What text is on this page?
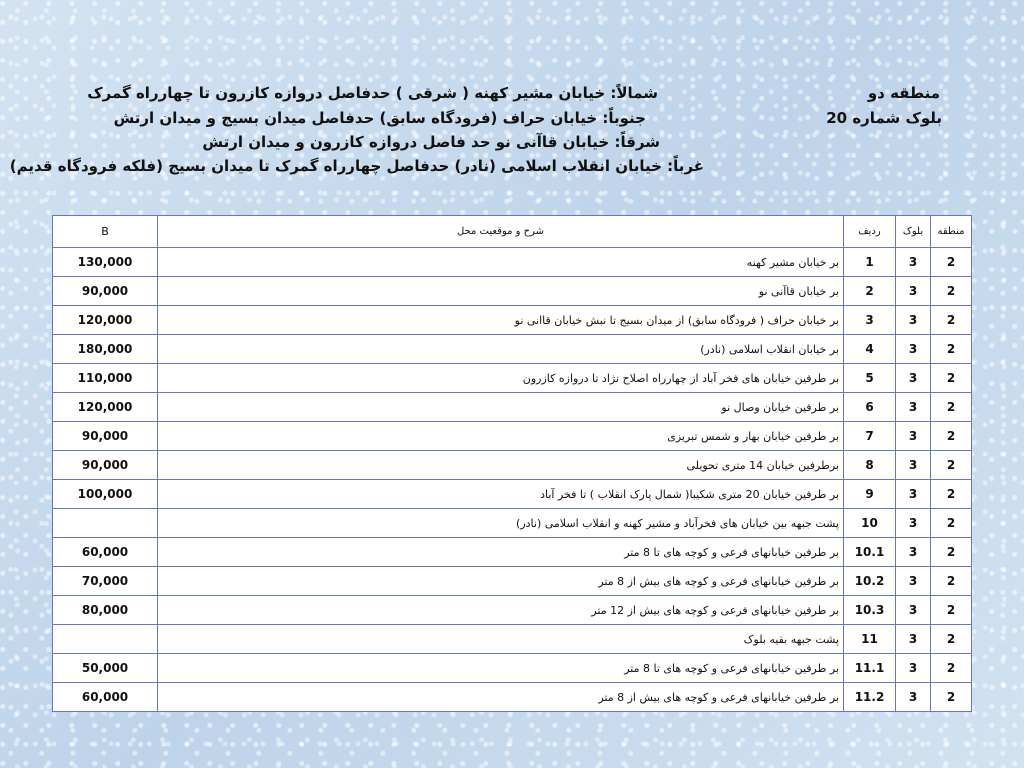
منطقه دو
بلوک شماره 20
شمالاً: خیابان مشیر کهنه ( شرقی ) حدفاصل دروازه کازرون تا چهارراه گمرک
جنوباً: خیابان حراف (فرودگاه سابق) حدفاصل میدان بسیج و میدان ارتش
شرقاً: خیابان قاآنی نو حد فاصل دروازه کازرون و میدان ارتش
غرباً: خیابان انقلاب اسلامی (نادر) حدفاصل چهارراه گمرک تا میدان بسیج (فلکه فرودگاه قدیم)
منطقه	بلوک	ردیف	شرح و موقعیت محل	B
2	3	1	بر خیابان مشیر کهنه	130,000
2	3	2	بر خیابان قاآنی نو	90,000
2	3	3	بر خیابان حراف ( فرودگاه سابق) از میدان بسیج تا نبش خیابان قاانی نو	120,000
2	3	4	بر خیابان انقلاب اسلامی (نادر)	180,000
2	3	5	بر طرفین خیابان های فخر آباد از چهارراه اصلاح نژاد تا دروازه کازرون	110,000
2	3	6	بر طرفین خیابان وصال نو	120,000
2	3	7	بر طرفین خیابان بهار و شمس تبریزی	90,000
2	3	8	برطرفین خیابان 14 متری تحویلی	90,000
2	3	9	بر طرفین خیابان 20 متری شکیبا( شمال پارک انقلاب ) تا فخر آباد	100,000
2	3	10	پشت جبهه بین خیابان های فخرآباد و مشیر کهنه و انقلاب اسلامی (نادر)	
2	3	10.1	بر طرفین خیابانهای فرعی و کوچه های تا 8 متر	60,000
2	3	10.2	بر طرفین خیابانهای فرعی و کوچه های بیش از 8 متر	70,000
2	3	10.3	بر طرفین خیابانهای فرعی و کوچه های بیش از 12 متر	80,000
2	3	11	پشت جبهه بقیه بلوک	
2	3	11.1	بر طرفین خیابانهای فرعی و کوچه های تا 8 متر	50,000
2	3	11.2	بر طرفین خیابانهای فرعی و کوچه های بیش از 8 متر	60,000
